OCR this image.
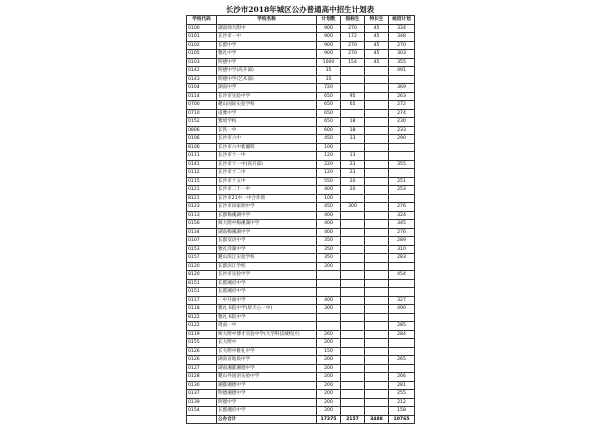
长沙市2018年城区公办普通高中招生计划表
学校代码	学校名称	计划数	指标生	特长生	统招计划
0100	湖南师大附中	900	270	45	334
0101	长沙市一中	900	172	45	348
0102	长郡中学	900	270	45	270
0105	雅礼中学	900	270	45	303
0103	明德中学	1000	154	45	355
0142	明德中学(高升部)	35			491
0143	明德中学(艺术部)	35			
0104	湖南中学	720			369
0114	长沙市实验中学	650	95		263
0700	麓山国际实验学校	650	65		272
0710	南雅中学	650			274
0152	雅境学校	650	18		230
0806	长铁一中	600	18		233
0106	长沙市六中	450	13		290
8106	长沙市六中新疆班	100			
0111	长沙市十一中	120	13		
0141	长沙市十一中(高升部)	220	23		355
0112	长沙市十二中	120	23		
0115	长沙市十五中	550	20		251
0121	长沙市二十一中	400	20		253
8121	长沙市21中一中合作班	100			
0123	长沙市田家炳中学	450	300		276
0113	长郡梅溪湖中学	400			324
0156	师大附中梅溪湖中学	400			345
0134	湖南梅溪湖中学	400			276
0107	长郡双语中学	350			289
0153	雅礼洋湖中学	350			310
0157	麓山滨江实验学校	350			283
0120	长郡滨江学校	200			
8120	长沙市实验中学				454
8151	长郡湘府中学				
0151	长郡湘府中学				
0117	一中开福中学	400			327
0118	雅礼书院中学(原天心一中)	300			490
8122	雅礼书院中学				
0122	周南一中				285
0119	师大附中博才实验中学(大学科技城校区)	260			284
0155	长大附中	200			
0126	长大附中雅礼中学	150			
0126	湖南省地质中学	200			265
0127	湖南湘都湘德中学	200			
0128	麓山外国语实验中学	200			266
0130	湘都湘德中学	200			281
0137	明德湘德中学	200			255
0139	明德中学	200			212
0154	长郡湘府中学	200			158
	公办合计	17375	2157	3488	10765
